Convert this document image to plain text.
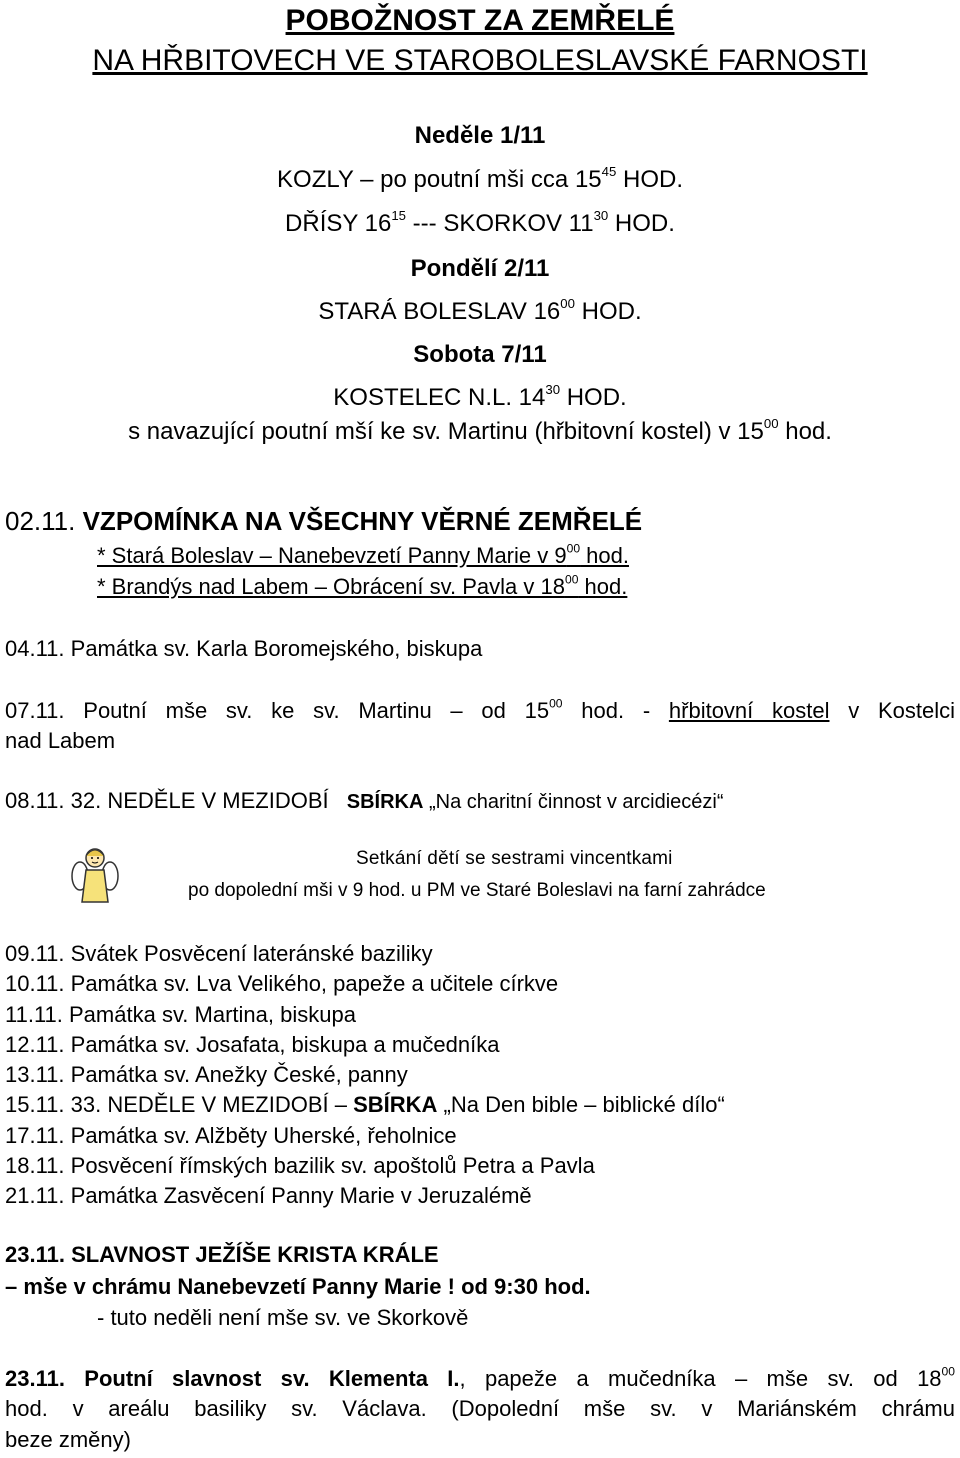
POBOŽNOST ZA ZEMŘELÉ
NA HŘBITOVECH VE STAROBOLESLAVSKÉ FARNOSTI
Neděle 1/11
KOZLY – po poutní mši cca $15^{45}$ HOD.
DŘÍSY $16^{15}$ --- SKORKOV $11^{30}$ HOD.
Pondělí 2/11
STARÁ BOLESLAV $16^{00}$ HOD.
Sobota 7/11
KOSTELEC N.L. $14^{30}$ HOD.
s navazující poutní mší ke sv. Martinu (hřbitovní kostel) v $15^{00}$ hod.
02.11. VZPOMÍNKA NA VŠECHNY VĚRNÉ ZEMŘELÉ
* Stará Boleslav – Nanebevzetí Panny Marie v $9^{00}$ hod.
* Brandýs nad Labem – Obrácení sv. Pavla v $18^{00}$ hod.
04.11. Památka sv. Karla Boromejského, biskupa
07.11. Poutní mše sv. ke sv. Martinu – od $15^{00}$ hod. - hřbitovní kostel v Kostelci
nad Labem
08.11. 32. NEDĚLE V MEZIDOBÍ SBÍRKA „Na charitní činnost v arcidiecézi“
Setkání dětí se sestrami vincentkami
po dopolední mši v 9 hod. u PM ve Staré Boleslavi na farní zahrádce
09.11. Svátek Posvěcení lateránské baziliky
10.11. Památka sv. Lva Velikého, papeže a učitele církve
11.11. Památka sv. Martina, biskupa
12.11. Památka sv. Josafata, biskupa a mučedníka
13.11. Památka sv. Anežky České, panny
15.11. 33. NEDĚLE V MEZIDOBÍ – SBÍRKA „Na Den bible – biblické dílo“
17.11. Památka sv. Alžběty Uherské, řeholnice
18.11. Posvěcení římských bazilik sv. apoštolů Petra a Pavla
21.11. Památka Zasvěcení Panny Marie v Jeruzalémě
23.11. SLAVNOST JEŽÍŠE KRISTA KRÁLE
– mše v chrámu Nanebevzetí Panny Marie ! od 9:30 hod.
- tuto neděli není mše sv. ve Skorkově
23.11. Poutní slavnost sv. Klementa I., papeže a mučedníka – mše sv. od $18^{00}$
hod. v areálu basiliky sv. Václava. (Dopolední mše sv. v Mariánském chrámu
beze změny)
